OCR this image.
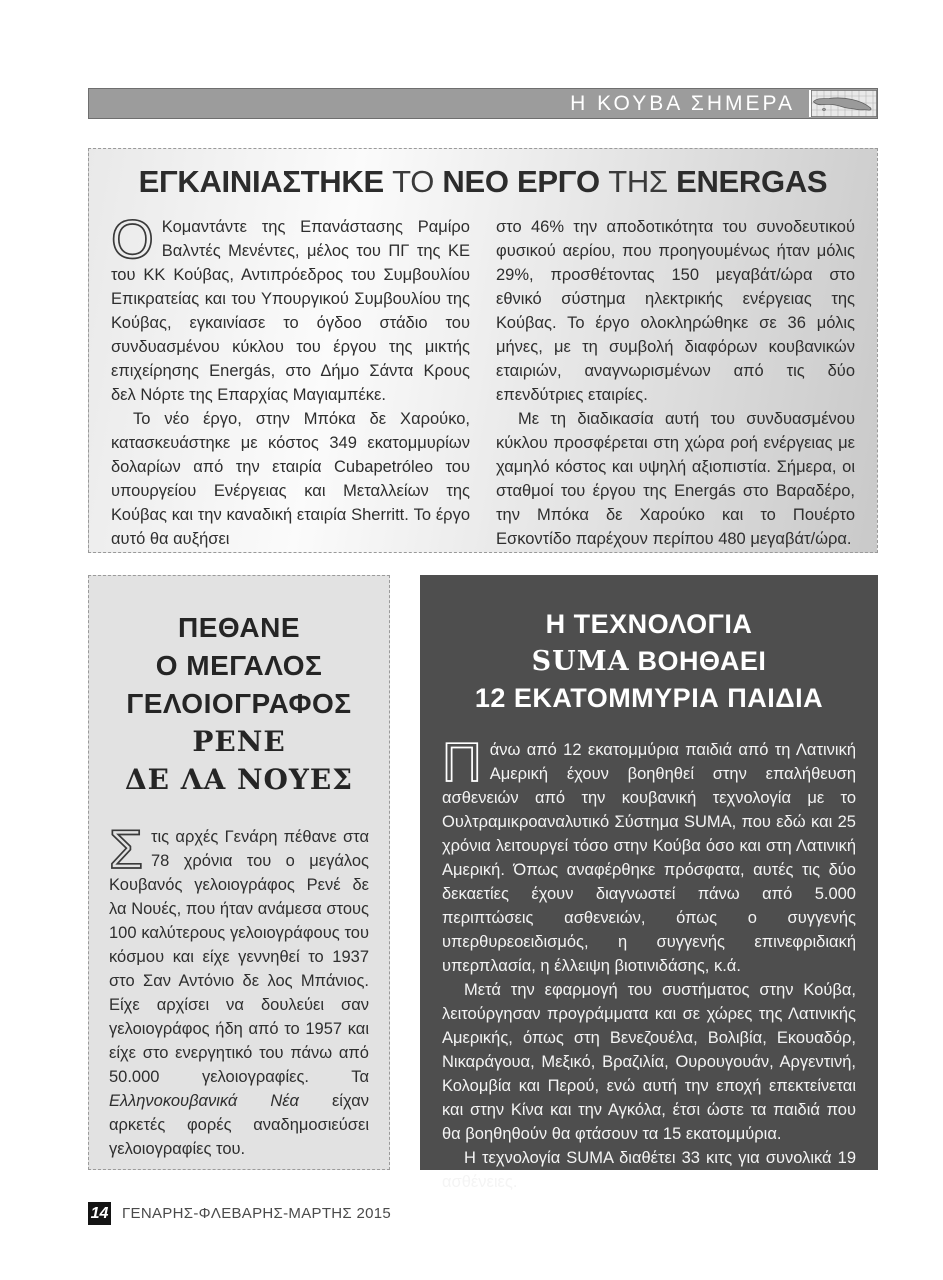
Η ΚΟΥΒΑ ΣΗΜΕΡΑ
ΕΓΚΑΙΝΙΑΣΤΗΚΕ ΤΟ ΝΕΟ ΕΡΓΟ ΤΗΣ ENERGAS

Ο Κομαντάντε της Επανάστασης Ραμίρο Βαλντές Μενέντες, μέλος του ΠΓ της ΚΕ του ΚΚ Κούβας, Αντιπρόεδρος του Συμβουλίου Επικρατείας και του Υπουργικού Συμβουλίου της Κούβας, εγκαινίασε το όγδοο στάδιο του συνδυασμένου κύκλου του έργου της μικτής επιχείρησης Energás, στο Δήμο Σάντα Κρους δελ Νόρτε της Επαρχίας Μαγιαμπέκε.

Το νέο έργο, στην Μπόκα δε Χαρούκο, κατασκευάστηκε με κόστος 349 εκατομμυρίων δολαρίων από την εταιρία Cubapetróleo του υπουργείου Ενέργειας και Μεταλλείων της Κούβας και την καναδική εταιρία Sherritt. Το έργο αυτό θα αυξήσει

στο 46% την αποδοτικότητα του συνοδευτικού φυσικού αερίου, που προηγουμένως ήταν μόλις 29%, προσθέτοντας 150 μεγαβάτ/ώρα στο εθνικό σύστημα ηλεκτρικής ενέργειας της Κούβας. Το έργο ολοκληρώθηκε σε 36 μόλις μήνες, με τη συμβολή διαφόρων κουβανικών εταιριών, αναγνωρισμένων από τις δύο επενδύτριες εταιρίες.

Με τη διαδικασία αυτή του συνδυασμένου κύκλου προσφέρεται στη χώρα ροή ενέργειας με χαμηλό κόστος και υψηλή αξιοπιστία. Σήμερα, οι σταθμοί του έργου της Energás στο Βαραδέρο, την Μπόκα δε Χαρούκο και το Πουέρτο Εσκοντίδο παρέχουν περίπου 480 μεγαβάτ/ώρα.

ΠΕΘΑΝΕ
Ο ΜΕΓΑΛΟΣ
ΓΕΛΟΙΟΓΡΑΦΟΣ
ΡΕΝΕ
ΔΕ ΛΑ ΝΟΥΕΣ

Στις αρχές Γενάρη πέθανε στα 78 χρόνια του ο μεγάλος Κουβανός γελοιογράφος Ρενέ δε λα Νουές, που ήταν ανάμεσα στους 100 καλύτερους γελοιογράφους του κόσμου και είχε γεννηθεί το 1937 στο Σαν Αντόνιο δε λος Μπάνιος. Είχε αρχίσει να δουλεύει σαν γελοιογράφος ήδη από το 1957 και είχε στο ενεργητικό του πάνω από 50.000 γελοιογραφίες. Τα Ελληνοκουβανικά Νέα είχαν αρκετές φορές αναδημοσιεύσει γελοιογραφίες του.

Η ΤΕΧΝΟΛΟΓΙΑ
SUMA ΒΟΗΘΑΕΙ
12 ΕΚΑΤΟΜΜΥΡΙΑ ΠΑΙΔΙΑ

Πάνω από 12 εκατομμύρια παιδιά από τη Λατινική Αμερική έχουν βοηθηθεί στην επαλήθευση ασθενειών από την κουβανική τεχνολογία με το Ουλτραμικροαναλυτικό Σύστημα SUMA, που εδώ και 25 χρόνια λειτουργεί τόσο στην Κούβα όσο και στη Λατινική Αμερική. Όπως αναφέρθηκε πρόσφατα, αυτές τις δύο δεκαετίες έχουν διαγνωστεί πάνω από 5.000 περιπτώσεις ασθενειών, όπως ο συγγενής υπερθυρεοειδισμός, η συγγενής επινεφριδιακή υπερπλασία, η έλλειψη βιοτινιδάσης, κ.ά.

Μετά την εφαρμογή του συστήματος στην Κούβα, λειτούργησαν προγράμματα και σε χώρες της Λατινικής Αμερικής, όπως στη Βενεζουέλα, Βολιβία, Εκουαδόρ, Νικαράγουα, Μεξικό, Βραζιλία, Ουρουγουάν, Αργεντινή, Κολομβία και Περού, ενώ αυτή την εποχή επεκτείνεται και στην Κίνα και την Αγκόλα, έτσι ώστε τα παιδιά που θα βοηθηθούν θα φτάσουν τα 15 εκατομμύρια.

Η τεχνολογία SUMA διαθέτει 33 κιτς για συνολικά 19 ασθένειες.

14 ΓΕΝΑΡΗΣ-ΦΛΕΒΑΡΗΣ-ΜΑΡΤΗΣ 2015
